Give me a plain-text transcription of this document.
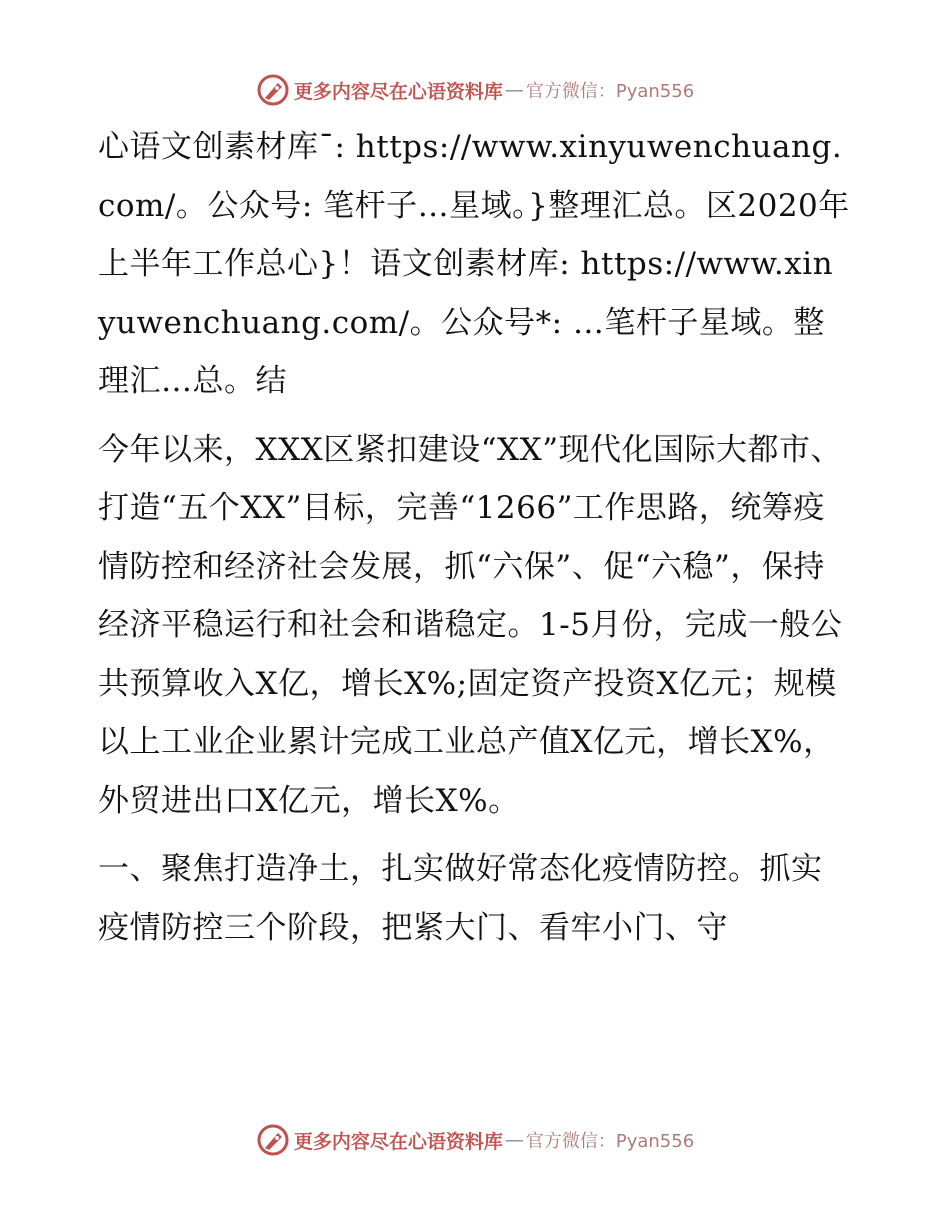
更多内容尽在心语资料库 — 官方微信：Pyan556

心语文创素材库¯: https://www.xinyuwenchuang.com/。公众号: 笔杆子…星域。}整理汇总。区2020年上半年工作总心}！语文创素材库: https://www.xinyuwenchuang.com/。公众号*: …笔杆子星域。整理汇…总。结

今年以来，XXX区紧扣建设“XX”现代化国际大都市、打造“五个XX”目标，完善“1266”工作思路，统筹疫情防控和经济社会发展，抓“六保”、促“六稳”，保持经济平稳运行和社会和谐稳定。1-5月份，完成一般公共预算收入X亿，增长X%;固定资产投资X亿元；规模以上工业企业累计完成工业总产值X亿元，增长X%，外贸进出口X亿元，增长X%。

一、聚焦打造净土，扎实做好常态化疫情防控。抓实疫情防控三个阶段，把紧大门、看牢小门、守

更多内容尽在心语资料库 — 官方微信：Pyan556
